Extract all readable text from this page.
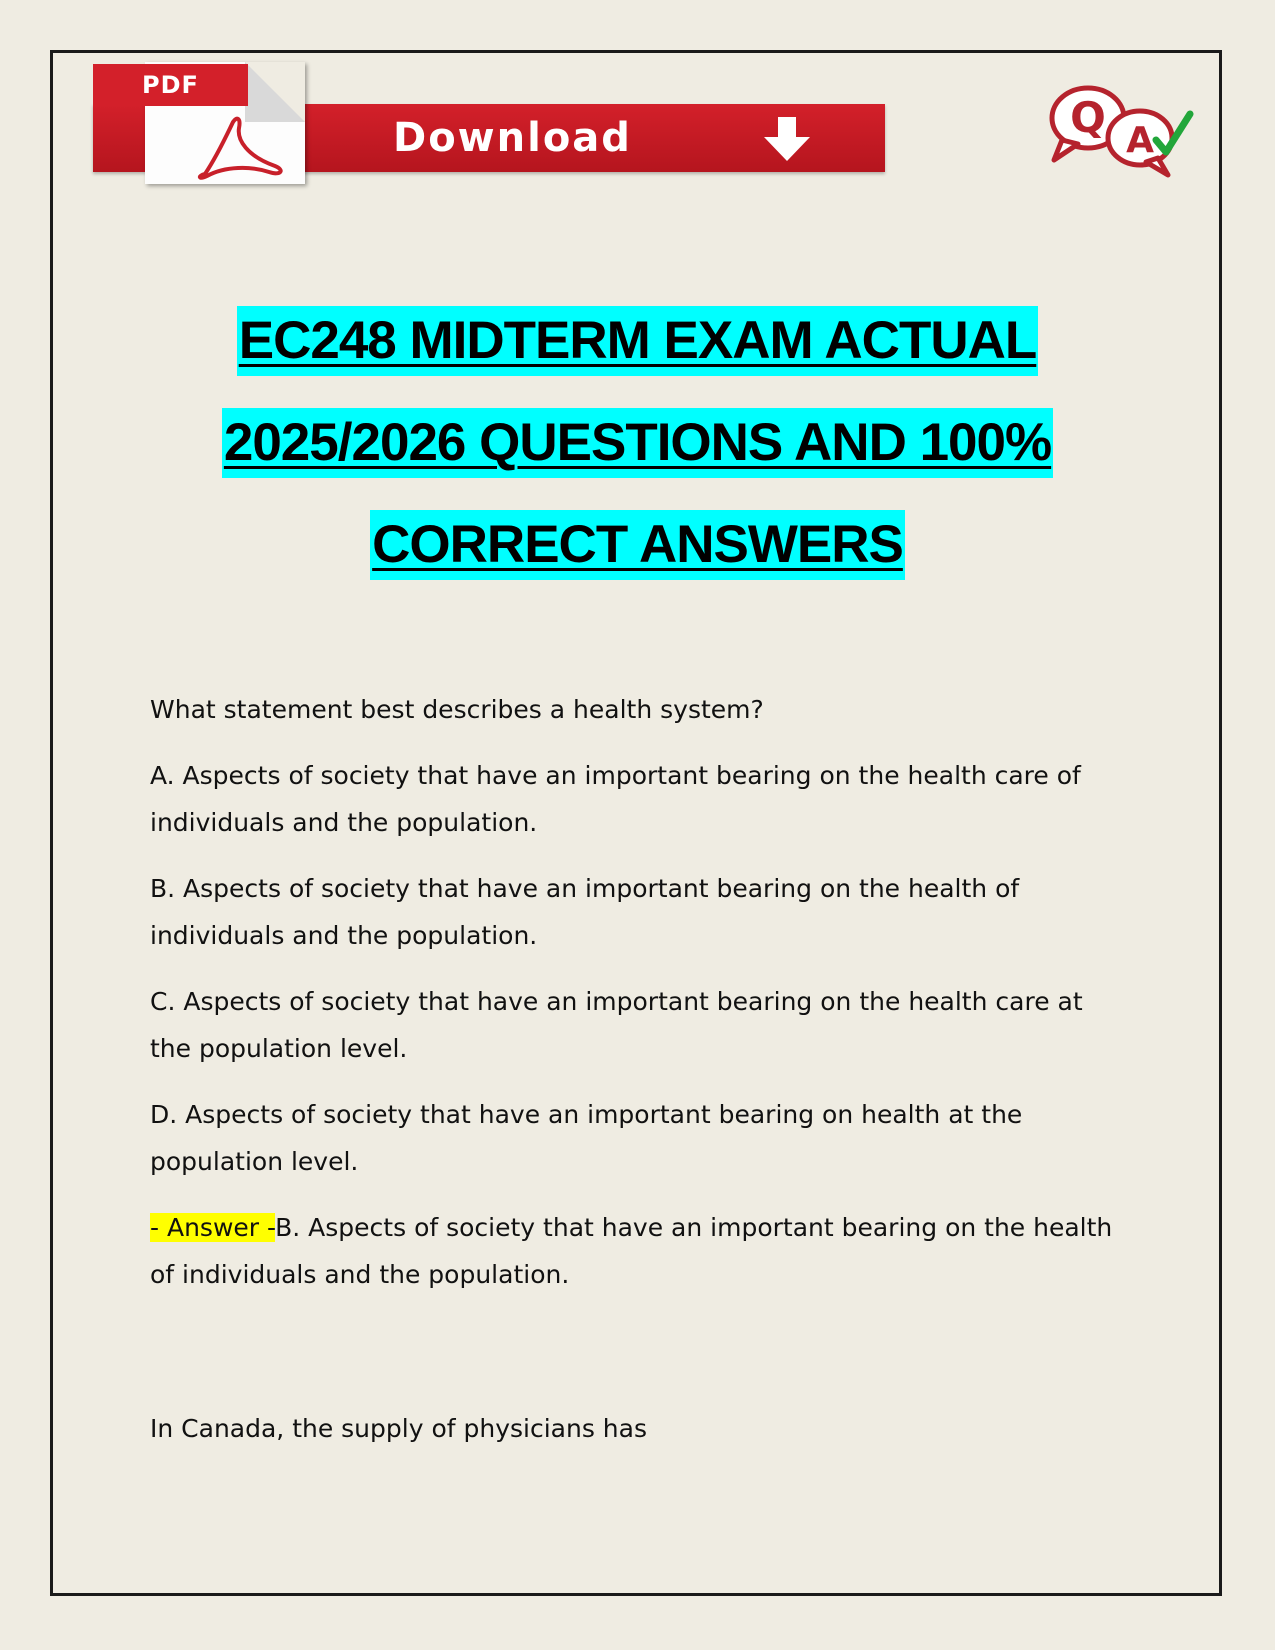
PDF
Download	Q A
EC248 MIDTERM EXAM ACTUAL
2025/2026 QUESTIONS AND 100%
CORRECT ANSWERS

What statement best describes a health system?

A. Aspects of society that have an important bearing on the health care of individuals and the population.

B. Aspects of society that have an important bearing on the health of individuals and the population.

C. Aspects of society that have an important bearing on the health care at the population level.

D. Aspects of society that have an important bearing on health at the population level.

- Answer -B. Aspects of society that have an important bearing on the health of individuals and the population.

In Canada, the supply of physicians has
